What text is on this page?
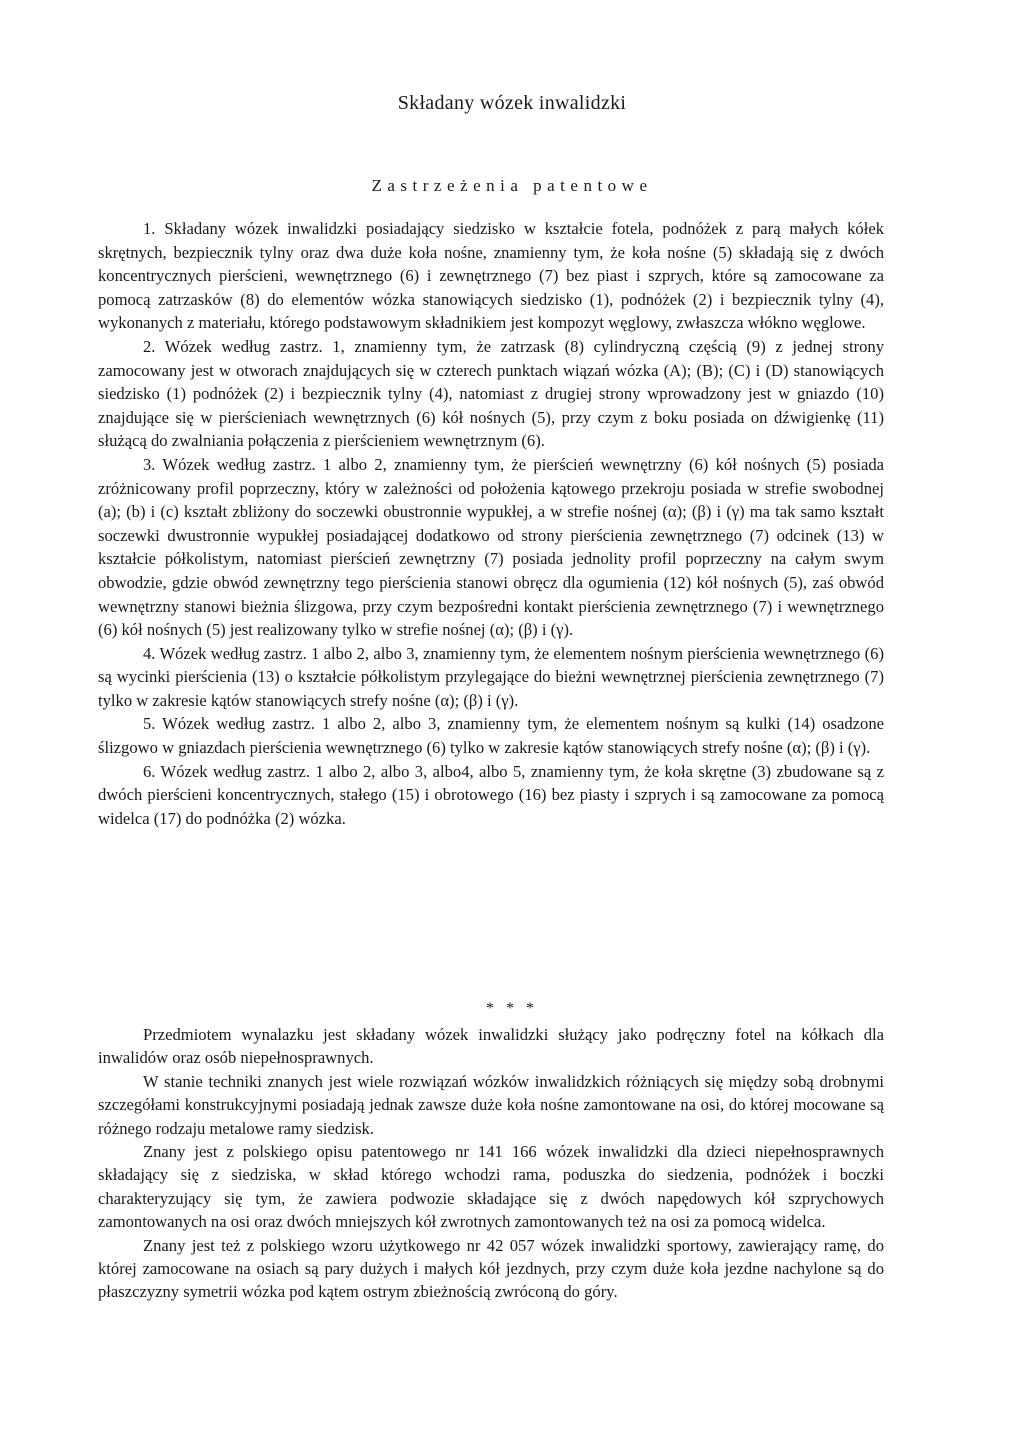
Składany wózek inwalidzki
Zastrzeżenia patentowe

1. Składany wózek inwalidzki posiadający siedzisko w kształcie fotela, podnóżek z parą małych kółek skrętnych, bezpiecznik tylny oraz dwa duże koła nośne, znamienny tym, że koła nośne (5) składają się z dwóch koncentrycznych pierścieni, wewnętrznego (6) i zewnętrznego (7) bez piast i szprych, które są zamocowane za pomocą zatrzasków (8) do elementów wózka stanowiących siedzisko (1), podnóżek (2) i bezpiecznik tylny (4), wykonanych z materiału, którego podstawowym składnikiem jest kompozyt węglowy, zwłaszcza włókno węglowe.

2. Wózek według zastrz. 1, znamienny tym, że zatrzask (8) cylindryczną częścią (9) z jednej strony zamocowany jest w otworach znajdujących się w czterech punktach wiązań wózka (A); (B); (C) i (D) stanowiących siedzisko (1) podnóżek (2) i bezpiecznik tylny (4), natomiast z drugiej strony wprowadzony jest w gniazdo (10) znajdujące się w pierścieniach wewnętrznych (6) kół nośnych (5), przy czym z boku posiada on dźwigienkę (11) służącą do zwalniania połączenia z pierścieniem wewnętrznym (6).

3. Wózek według zastrz. 1 albo 2, znamienny tym, że pierścień wewnętrzny (6) kół nośnych (5) posiada zróżnicowany profil poprzeczny, który w zależności od położenia kątowego przekroju posiada w strefie swobodnej (a); (b) i (c) kształt zbliżony do soczewki obustronnie wypukłej, a w strefie nośnej (α); (β) i (γ) ma tak samo kształt soczewki dwustronnie wypukłej posiadającej dodatkowo od strony pierścienia zewnętrznego (7) odcinek (13) w kształcie półkolistym, natomiast pierścień zewnętrzny (7) posiada jednolity profil poprzeczny na całym swym obwodzie, gdzie obwód zewnętrzny tego pierścienia stanowi obręcz dla ogumienia (12) kół nośnych (5), zaś obwód wewnętrzny stanowi bieżnia ślizgowa, przy czym bezpośredni kontakt pierścienia zewnętrznego (7) i wewnętrznego (6) kół nośnych (5) jest realizowany tylko w strefie nośnej (α); (β) i (γ).

4. Wózek według zastrz. 1 albo 2, albo 3, znamienny tym, że elementem nośnym pierścienia wewnętrznego (6) są wycinki pierścienia (13) o kształcie półkolistym przylegające do bieżni wewnętrznej pierścienia zewnętrznego (7) tylko w zakresie kątów stanowiących strefy nośne (α); (β) i (γ).

5. Wózek według zastrz. 1 albo 2, albo 3, znamienny tym, że elementem nośnym są kulki (14) osadzone ślizgowo w gniazdach pierścienia wewnętrznego (6) tylko w zakresie kątów stanowiących strefy nośne (α); (β) i (γ).

6. Wózek według zastrz. 1 albo 2, albo 3, albo4, albo 5, znamienny tym, że koła skrętne (3) zbudowane są z dwóch pierścieni koncentrycznych, stałego (15) i obrotowego (16) bez piasty i szprych i są zamocowane za pomocą widelca (17) do podnóżka (2) wózka.

* * *

Przedmiotem wynalazku jest składany wózek inwalidzki służący jako podręczny fotel na kółkach dla inwalidów oraz osób niepełnosprawnych.

W stanie techniki znanych jest wiele rozwiązań wózków inwalidzkich różniących się między sobą drobnymi szczegółami konstrukcyjnymi posiadają jednak zawsze duże koła nośne zamontowane na osi, do której mocowane są różnego rodzaju metalowe ramy siedzisk.

Znany jest z polskiego opisu patentowego nr 141 166 wózek inwalidzki dla dzieci niepełnosprawnych składający się z siedziska, w skład którego wchodzi rama, poduszka do siedzenia, podnóżek i boczki charakteryzujący się tym, że zawiera podwozie składające się z dwóch napędowych kół szprychowych zamontowanych na osi oraz dwóch mniejszych kół zwrotnych zamontowanych też na osi za pomocą widelca.

Znany jest też z polskiego wzoru użytkowego nr 42 057 wózek inwalidzki sportowy, zawierający ramę, do której zamocowane na osiach są pary dużych i małych kół jezdnych, przy czym duże koła jezdne nachylone są do płaszczyzny symetrii wózka pod kątem ostrym zbieżnością zwróconą do góry.
